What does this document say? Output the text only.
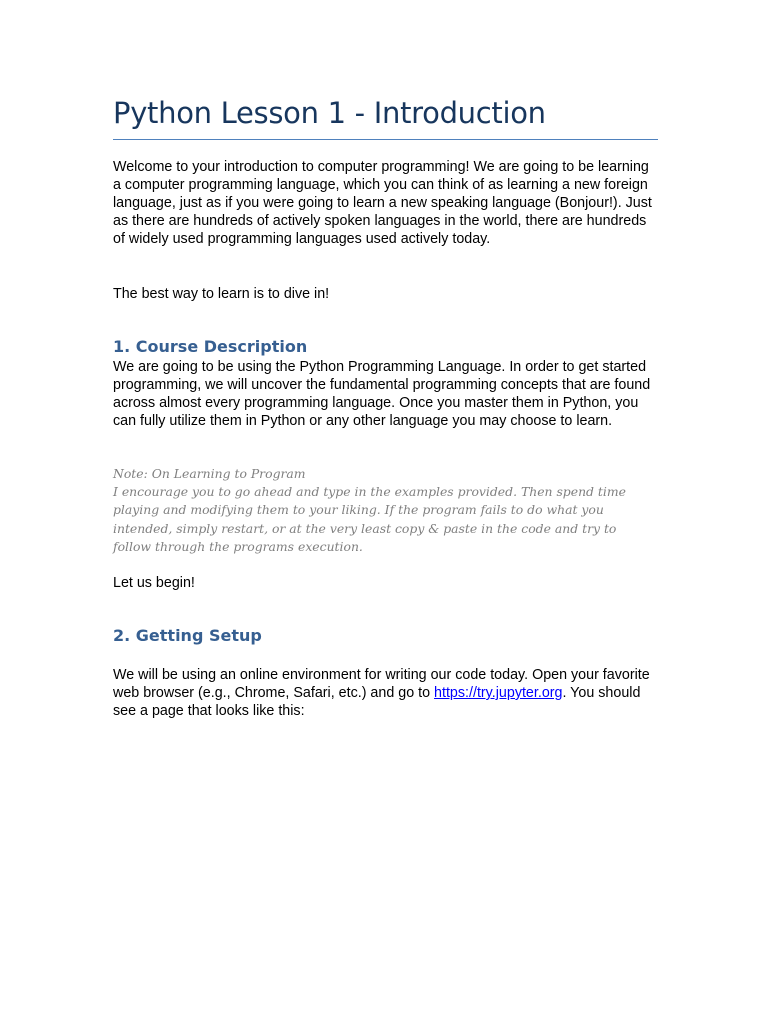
Python Lesson 1 - Introduction

Welcome to your introduction to computer programming! We are going to be learning a computer programming language, which you can think of as learning a new foreign language, just as if you were going to learn a new speaking language (Bonjour!). Just as there are hundreds of actively spoken languages in the world, there are hundreds of widely used programming languages used actively today.

The best way to learn is to dive in!

1. Course Description

We are going to be using the Python Programming Language. In order to get started programming, we will uncover the fundamental programming concepts that are found across almost every programming language. Once you master them in Python, you can fully utilize them in Python or any other language you may choose to learn.

Note: On Learning to Program
I encourage you to go ahead and type in the examples provided. Then spend time playing and modifying them to your liking. If the program fails to do what you intended, simply restart, or at the very least copy & paste in the code and try to follow through the programs execution.

Let us begin!

2. Getting Setup

We will be using an online environment for writing our code today. Open your favorite web browser (e.g., Chrome, Safari, etc.) and go to https://try.jupyter.org. You should see a page that looks like this:
